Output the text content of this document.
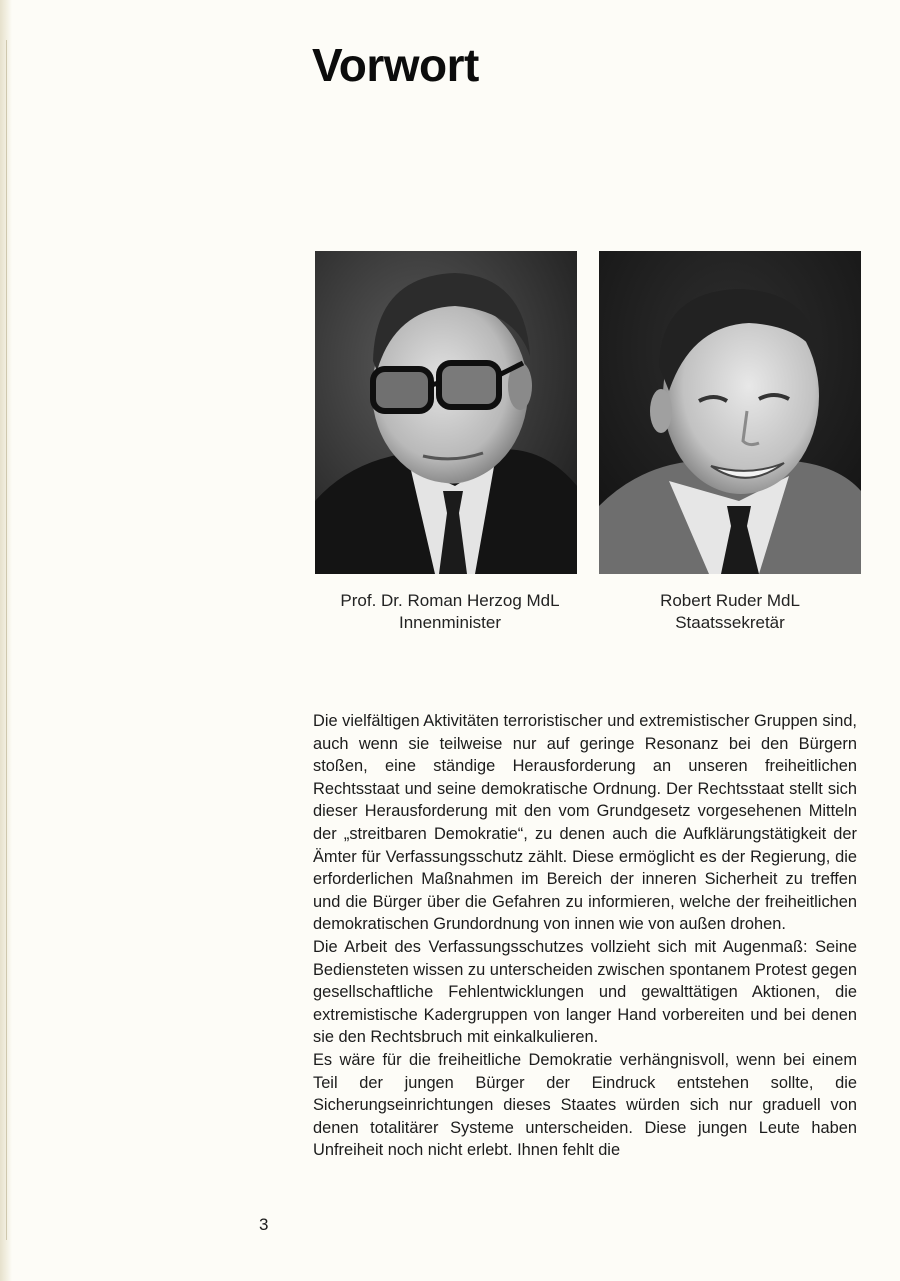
Vorwort
Prof. Dr. Roman Herzog MdL
Innenminister
Robert Ruder MdL
Staatssekretär

Die vielfältigen Aktivitäten terroristischer und extremistischer Gruppen sind, auch wenn sie teilweise nur auf geringe Resonanz bei den Bürgern stoßen, eine ständige Herausforderung an unseren freiheitlichen Rechtsstaat und seine demokratische Ordnung. Der Rechtsstaat stellt sich dieser Herausforderung mit den vom Grundgesetz vorgesehenen Mitteln der „streitbaren Demokratie“, zu denen auch die Aufklärungstätigkeit der Ämter für Verfassungsschutz zählt. Diese ermöglicht es der Regierung, die erforderlichen Maßnahmen im Bereich der inneren Sicherheit zu treffen und die Bürger über die Gefahren zu informieren, welche der freiheitlichen demokratischen Grundordnung von innen wie von außen drohen.

Die Arbeit des Verfassungsschutzes vollzieht sich mit Augenmaß: Seine Bediensteten wissen zu unterscheiden zwischen spontanem Protest gegen gesellschaftliche Fehlentwicklungen und gewalttätigen Aktionen, die extremistische Kadergruppen von langer Hand vorbereiten und bei denen sie den Rechtsbruch mit einkalkulieren.

Es wäre für die freiheitliche Demokratie verhängnisvoll, wenn bei einem Teil der jungen Bürger der Eindruck entstehen sollte, die Sicherungseinrichtungen dieses Staates würden sich nur graduell von denen totalitärer Systeme unterscheiden. Diese jungen Leute haben Unfreiheit noch nicht erlebt. Ihnen fehlt die

3
